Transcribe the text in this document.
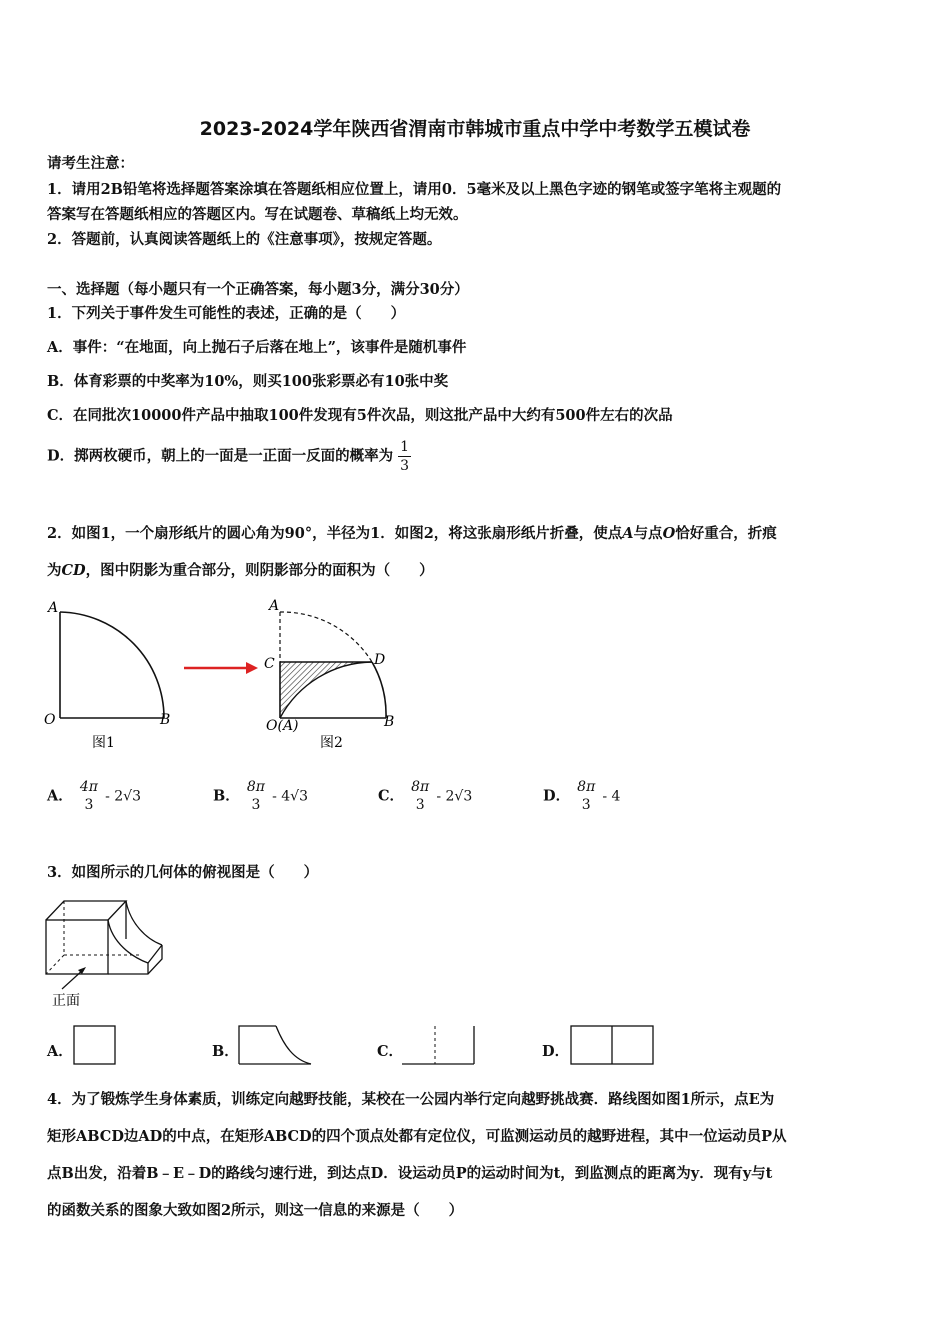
2023-2024学年陕西省渭南市韩城市重点中学中考数学五模试卷
请考生注意：
1．请用2B铅笔将选择题答案涂填在答题纸相应位置上，请用0．5毫米及以上黑色字迹的钢笔或签字笔将主观题的
答案写在答题纸相应的答题区内。写在试题卷、草稿纸上均无效。
2．答题前，认真阅读答题纸上的《注意事项》，按规定答题。
一、选择题（每小题只有一个正确答案，每小题3分，满分30分）
1．下列关于事件发生可能性的表述，正确的是（　　）
A．事件：“在地面，向上抛石子后落在地上”，该事件是随机事件
B．体育彩票的中奖率为10%，则买100张彩票必有10张中奖
C．在同批次10000件产品中抽取100件发现有5件次品，则这批产品中大约有500件左右的次品
D．掷两枚硬币，朝上的一面是一正面一反面的概率为 $\frac{1}{3}$
2．如图1，一个扇形纸片的圆心角为90°，半径为1．如图2，将这张扇形纸片折叠，使点A与点O恰好重合，折痕
为CD，图中阴影为重合部分，则阴影部分的面积为（　　）
A
O	B
图1
A
C	D
O(A)	B
图2
A．
4π
3
- 2√3	B．
8π
3
- 4√3	C．
8π
3
- 2√3	D．
8π
3
- 4
3．如图所示的几何体的俯视图是（　　）
正面
A．	B．	C．	D．
4．为了锻炼学生身体素质，训练定向越野技能，某校在一公园内举行定向越野挑战赛．路线图如图1所示，点E为
矩形ABCD边AD的中点，在矩形ABCD的四个顶点处都有定位仪，可监测运动员的越野进程，其中一位运动员P从
点B出发，沿着B﹣E﹣D的路线匀速行进，到达点D．设运动员P的运动时间为t，到监测点的距离为y．现有y与t
的函数关系的图象大致如图2所示，则这一信息的来源是（　　）
